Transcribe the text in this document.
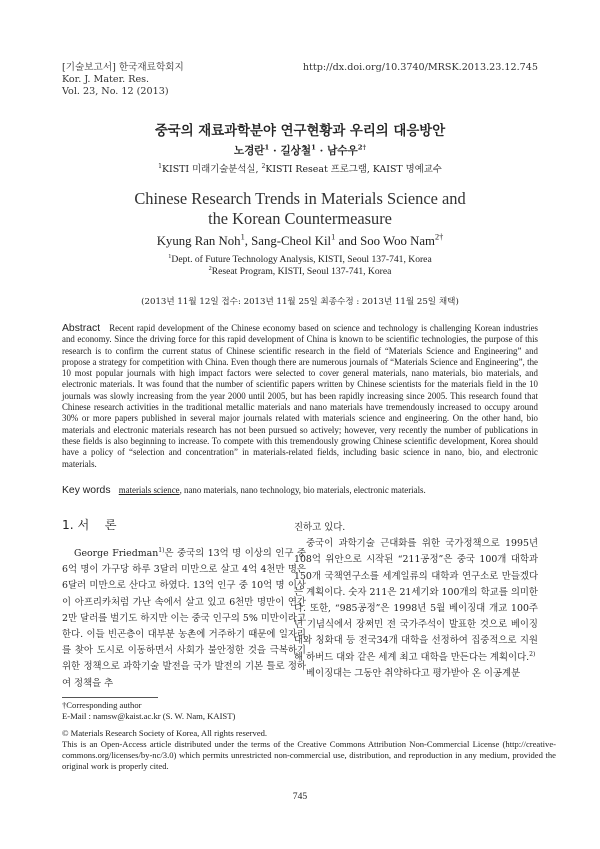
[기술보고서] 한국재료학회지
Kor. J. Mater. Res.
Vol. 23, No. 12 (2013)
http://dx.doi.org/10.3740/MRSK.2013.23.12.745
중국의 재료과학분야 연구현황과 우리의 대응방안
노경란$^1$ · 길상철$^1$ · 남수우$^{2\dagger}$
$^1$KISTI 미래기술분석실, $^2$KISTI Reseat 프로그램, KAIST 명예교수
Chinese Research Trends in Materials Science and
the Korean Countermeasure
Kyung Ran Noh$^1$, Sang-Cheol Kil$^1$ and Soo Woo Nam$^{2\dagger}$
$^1$Dept. of Future Technology Analysis, KISTI, Seoul 137-741, Korea
$^2$Reseat Program, KISTI, Seoul 137-741, Korea
(2013년 11월 12일 접수: 2013년 11월 25일 최종수정 : 2013년 11월 25일 채택)
Abstract Recent rapid development of the Chinese economy based on science and technology is challenging Korean industries and economy. Since the driving force for this rapid development of China is known to be scientific technologies, the purpose of this research is to confirm the current status of Chinese scientific research in the field of “Materials Science and Engineering” and propose a strategy for competition with China. Even though there are numerous journals of “Materials Science and Engineering”, the 10 most popular journals with high impact factors were selected to cover general materials, nano materials, bio materials, and electronic materials. It was found that the number of scientific papers written by Chinese scientists for the materials field in the 10 journals was slowly increasing from the year 2000 until 2005, but has been rapidly increasing since 2005. This research found that Chinese research activities in the traditional metallic materials and nano materials have tremendously increased to occupy around 30% or more papers published in several major journals related with materials science and engineering. On the other hand, bio materials and electronic materials research has not been pursued so actively; however, very recently the number of publications in these fields is also beginning to increase. To compete with this tremendously growing Chinese scientific development, Korea should have a policy of “selection and concentration” in materials-related fields, including basic science in nano, bio, and electronic materials.
Key words materials science, nano materials, nano technology, bio materials, electronic materials.
1. 서    론

George Friedman$^{1)}$은 중국의 13억 명 이상의 인구 중 6억 명이 가구당 하루 3달러 미만으로 살고 4억 4천만 명은 6달러 미만으로 산다고 하였다. 13억 인구 중 10억 명 이상이 아프리카처럼 가난 속에서 살고 있고 6천만 명만이 연간 2만 달러를 벌기도 하지만 이는 중국 인구의 5% 미만이라고 한다. 이들 빈곤층이 대부분 농촌에 거주하기 때문에 일자리를 찾아 도시로 이동하면서 사회가 불안정한 것을 극복하기 위한 정책으로 과학기술 발전을 국가 발전의 기본 틀로 정하여 정책을 추

진하고 있다.

중국이 과학기술 근대화를 위한 국가정책으로 1995년 108억 위안으로 시작된 “211공정”은 중국 100개 대학과 150개 국책연구소를 세계일류의 대학과 연구소로 만들겠다는 계획이다. 숫자 211은 21세기와 100개의 학교를 의미한다. 또한, “985공정”은 1998년 5월 베이징대 개교 100주년 기념식에서 장쩌민 전 국가주석이 발표한 것으로 베이징대와 칭화대 등 전국34개 대학을 선정하여 집중적으로 지원해 하버드 대와 같은 세계 최고 대학을 만든다는 계획이다.$^{2)}$

베이징대는 그동안 취약하다고 평가받아 온 이공계분

†Corresponding author
E-Mail : namsw@kaist.ac.kr (S. W. Nam, KAIST)
© Materials Research Society of Korea, All rights reserved.
This is an Open-Access article distributed under the terms of the Creative Commons Attribution Non-Commercial License (http://creative-commons.org/licenses/by-nc/3.0) which permits unrestricted non-commercial use, distribution, and reproduction in any medium, provided the original work is properly cited.
745
